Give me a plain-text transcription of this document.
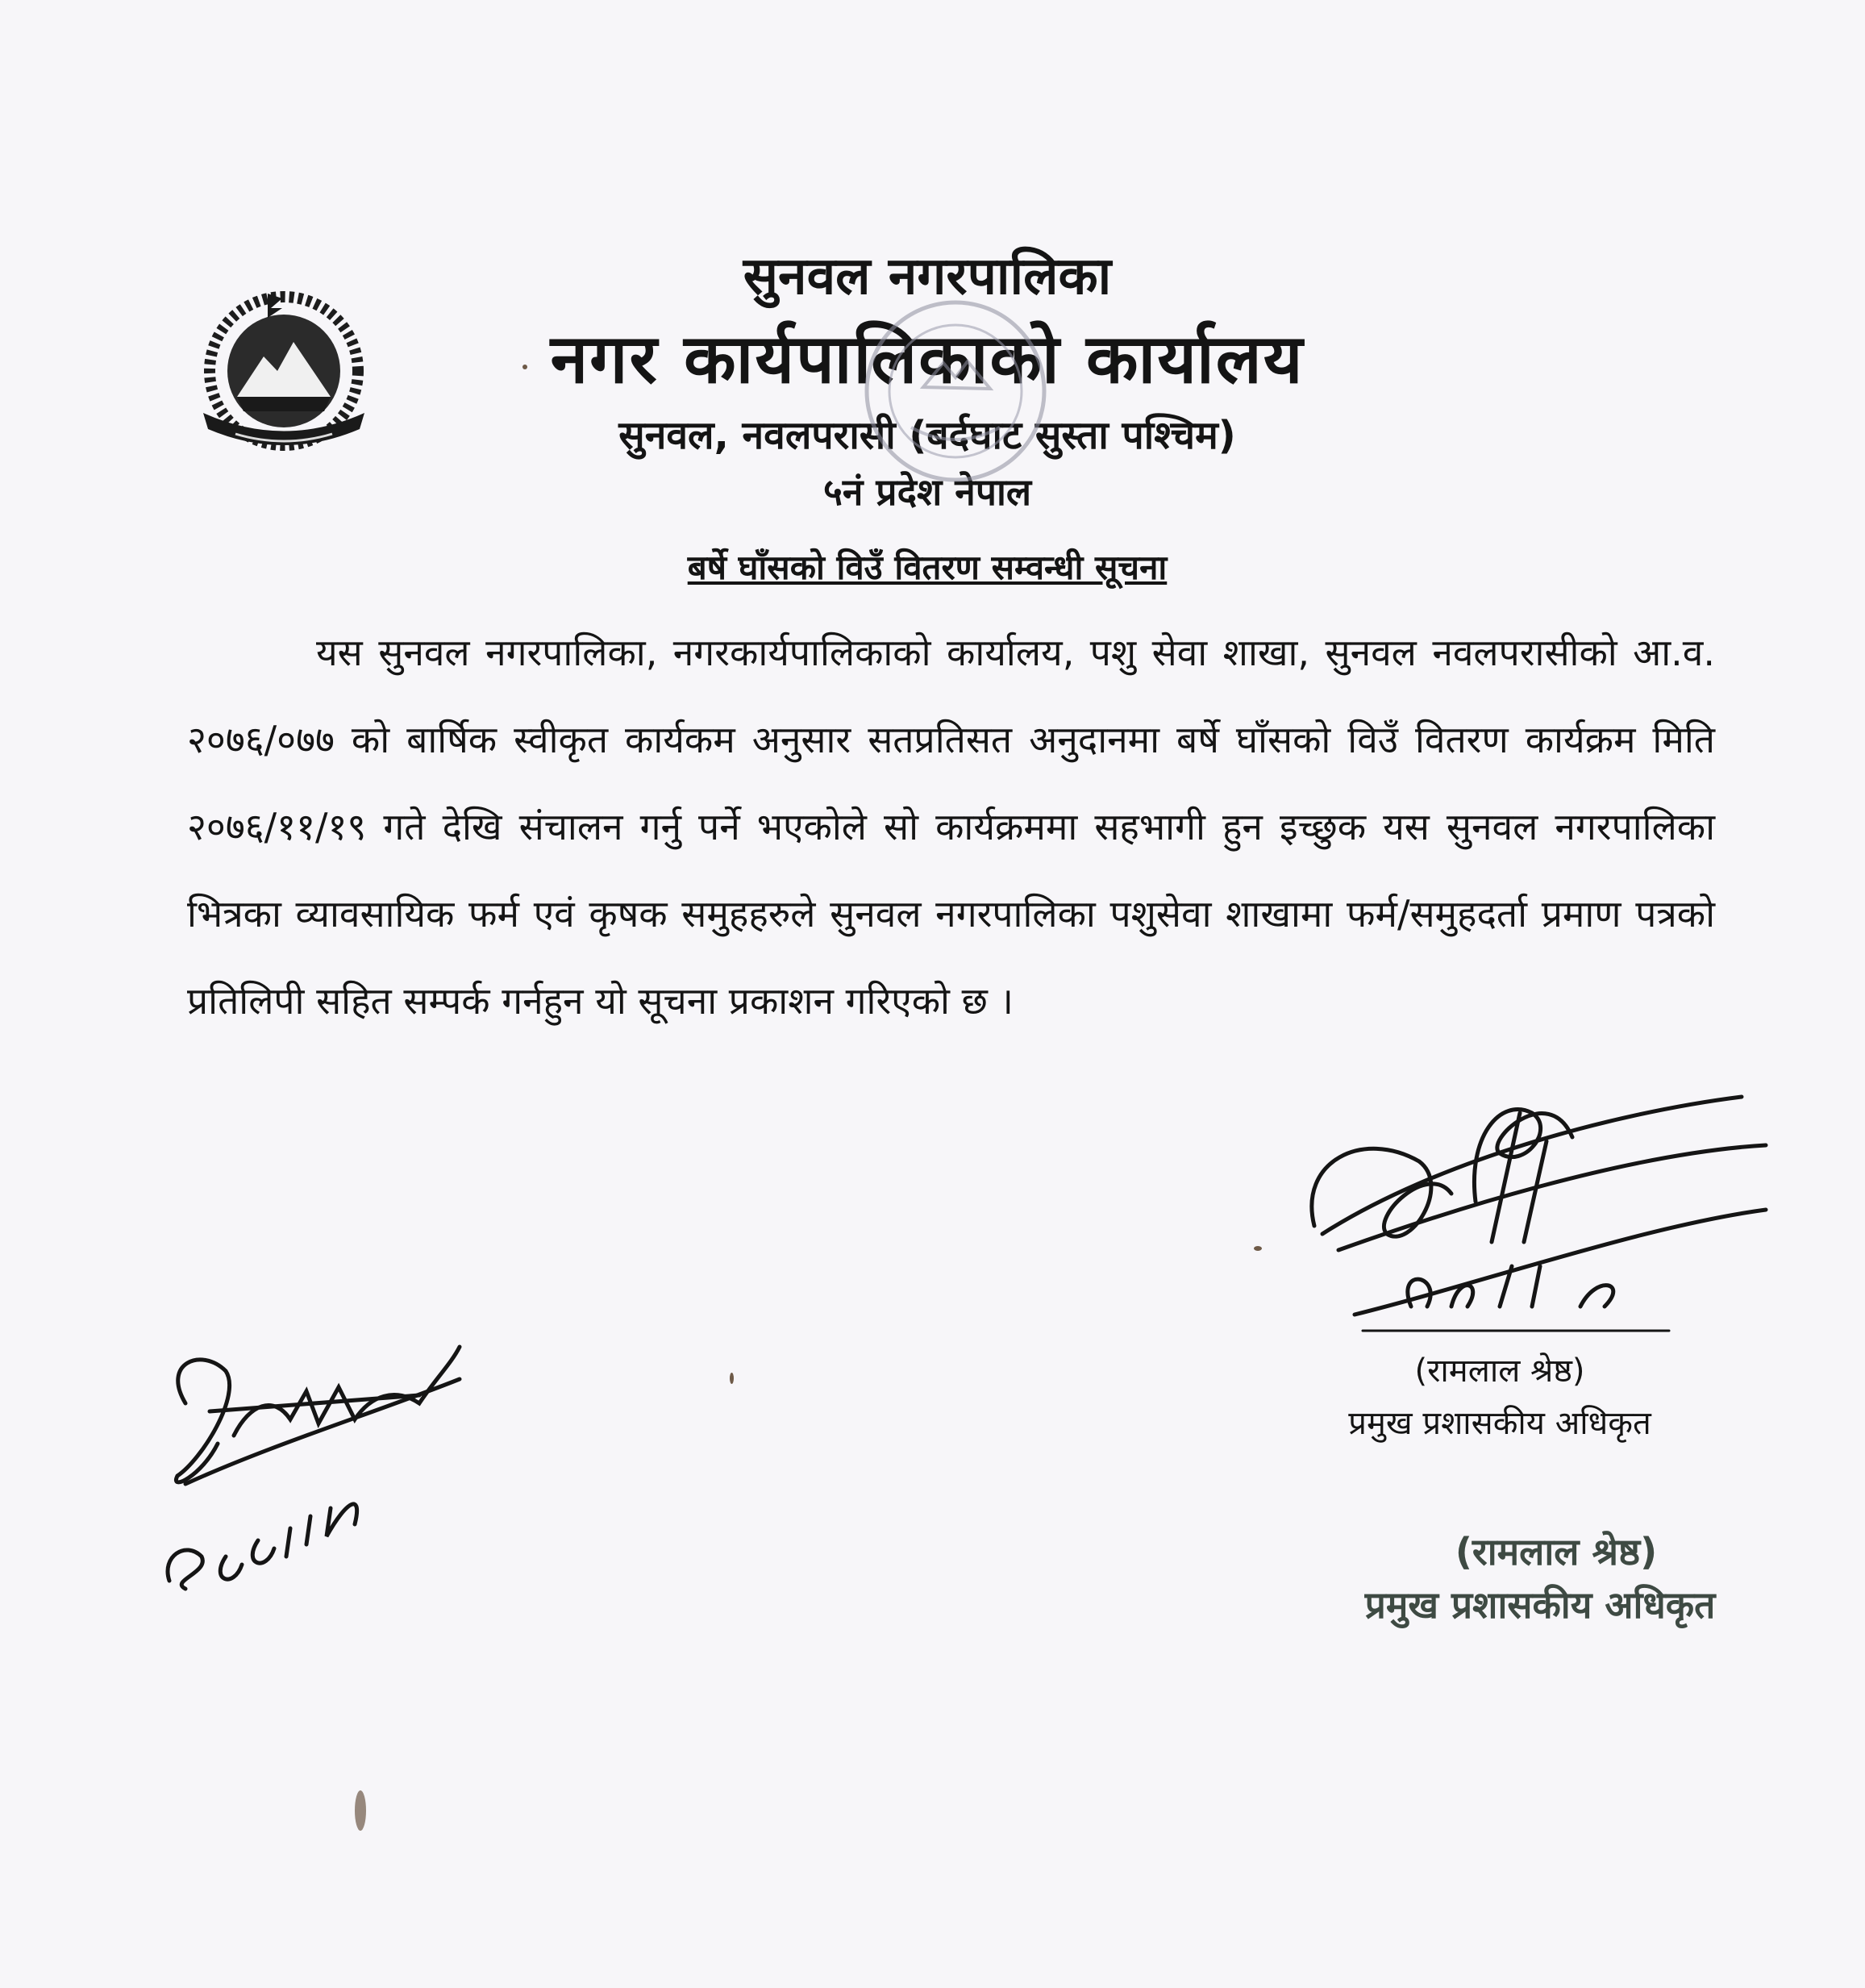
सुनवल नगरपालिका
नगर कार्यपालिकाको कार्यालय
सुनवल, नवलपरासी (बर्दघाट सुस्ता पश्चिम)
५नं प्रदेश नेपाल
बर्षे घाँसको विउँ वितरण सम्वन्धी सूचना
यस सुनवल नगरपालिका, नगरकार्यपालिकाको कार्यालय, पशु सेवा शाखा, सुनवल नवलपरासीको आ.व. २०७६/०७७ को बार्षिक स्वीकृत कार्यकम अनुसार सतप्रतिसत अनुदानमा बर्षे घाँसको विउँ वितरण कार्यक्रम मिति २०७६/११/१९ गते देखि संचालन गर्नु पर्ने भएकोले सो कार्यक्रममा सहभागी हुन इच्छुक यस सुनवल नगरपालिका भित्रका व्यावसायिक फर्म एवं कृषक समुहहरुले सुनवल नगरपालिका पशुसेवा शाखामा फर्म/समुहदर्ता प्रमाण पत्रको प्रतिलिपी सहित सम्पर्क गर्नहुन यो सूचना प्रकाशन गरिएको छ ।
(रामलाल श्रेष्ठ)
प्रमुख प्रशासकीय अधिकृत
(रामलाल श्रेष्ठ)
प्रमुख प्रशासकीय अधिकृत
